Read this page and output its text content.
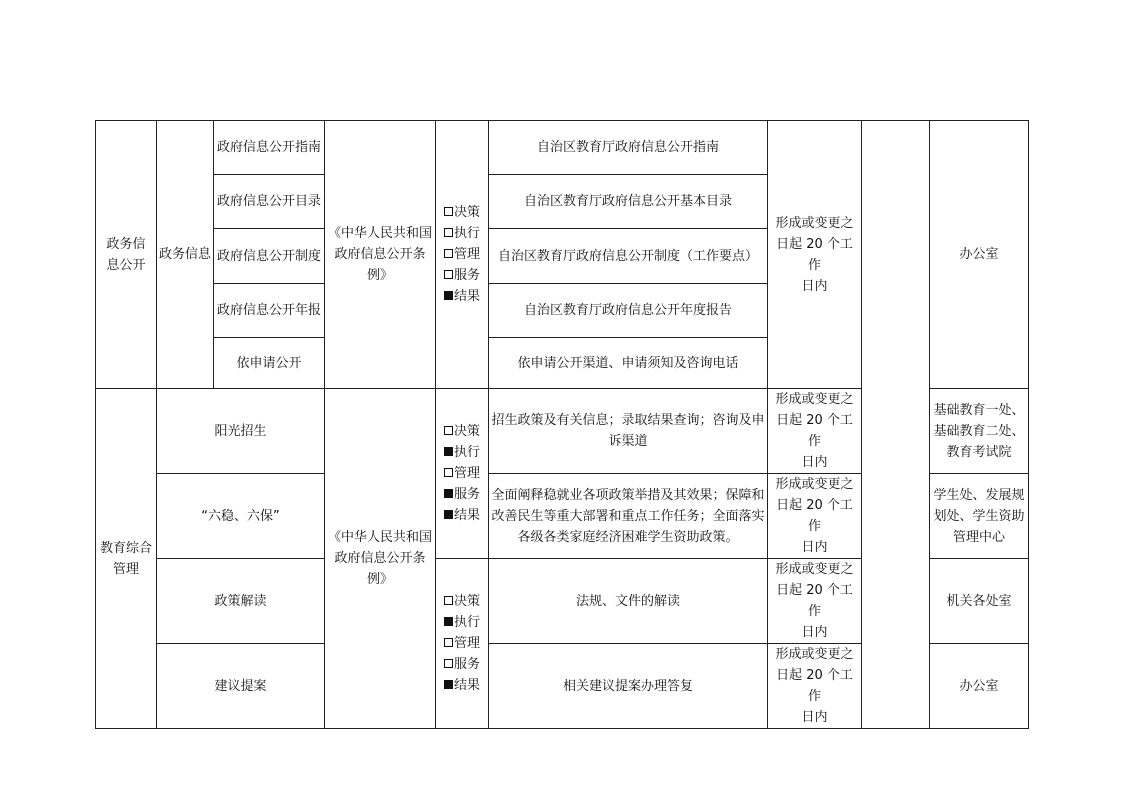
政务信
息公开	政务信息	政府信息公开指南	《中华人民共和国
政府信息公开条
例》	决策
执行
管理
服务
结果	自治区教育厅政府信息公开指南	形成或变更之
日起 20 个工作
日内		办公室
		政府信息公开目录			自治区教育厅政府信息公开基本目录			
		政府信息公开制度			自治区教育厅政府信息公开制度（工作要点）			
		政府信息公开年报			自治区教育厅政府信息公开年度报告			
		依申请公开			依申请公开渠道、申请须知及咨询电话			

教育综合
管理	阳光招生		《中华人民共和国
政府信息公开条
例》	决策
执行
管理
服务
结果	招生政策及有关信息；录取结果查询；咨询及申
诉渠道	形成或变更之
日起 20 个工作
日内		基础教育一处、
基础教育二处、
教育考试院

	“六稳、六保”				全面阐释稳就业各项政策举措及其效果；保障和
改善民生等重大部署和重点工作任务；全面落实
各级各类家庭经济困难学生资助政策。	形成或变更之
日起 20 个工作
日内		学生处、发展规
划处、学生资助
管理中心

	政策解读			决策
执行
管理
服务
结果	法规、文件的解读	形成或变更之
日起 20 个工作
日内		机关各处室

	建议提案				相关建议提案办理答复	形成或变更之
日起 20 个工作
日内		办公室
